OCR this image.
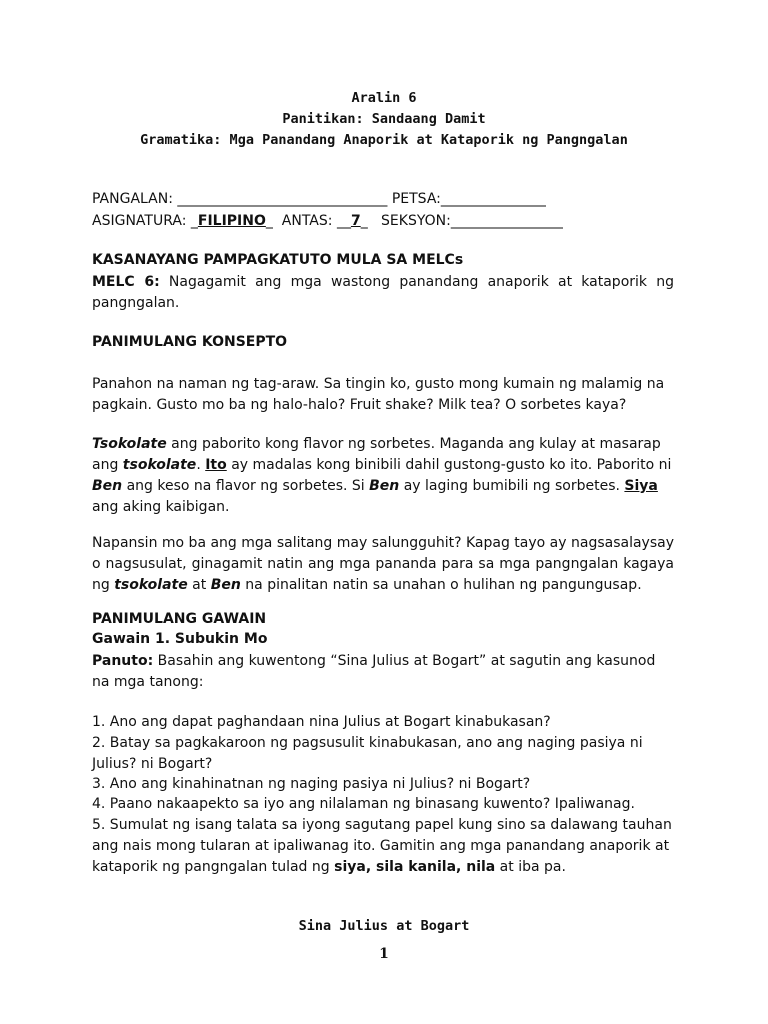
Aralin 6
Panitikan: Sandaang Damit
Gramatika: Mga Panandang Anaporik at Kataporik ng Pangngalan
PANGALAN: ______________________________ PETSA:_______________
ASIGNATURA: _FILIPINO_ ANTAS: __7_ SEKSYON:________________
KASANAYANG PAMPAGKATUTO MULA SA MELCs
MELC 6: Nagagamit ang mga wastong panandang anaporik at kataporik ng pangngalan.
PANIMULANG KONSEPTO
Panahon na naman ng tag-araw. Sa tingin ko, gusto mong kumain ng malamig na pagkain. Gusto mo ba ng halo-halo? Fruit shake? Milk tea? O sorbetes kaya?
Tsokolate ang paborito kong flavor ng sorbetes. Maganda ang kulay at masarap ang tsokolate. Ito ay madalas kong binibili dahil gustong-gusto ko ito. Paborito ni Ben ang keso na flavor ng sorbetes. Si Ben ay laging bumibili ng sorbetes. Siya ang aking kaibigan.
Napansin mo ba ang mga salitang may salungguhit? Kapag tayo ay nagsasalaysay o nagsusulat, ginagamit natin ang mga pananda para sa mga pangngalan kagaya ng tsokolate at Ben na pinalitan natin sa unahan o hulihan ng pangungusap.
PANIMULANG GAWAIN
Gawain 1. Subukin Mo
Panuto: Basahin ang kuwentong “Sina Julius at Bogart” at sagutin ang kasunod na mga tanong:
1. Ano ang dapat paghandaan nina Julius at Bogart kinabukasan?
2. Batay sa pagkakaroon ng pagsusulit kinabukasan, ano ang naging pasiya ni Julius? ni Bogart?
3. Ano ang kinahinatnan ng naging pasiya ni Julius? ni Bogart?
4. Paano nakaapekto sa iyo ang nilalaman ng binasang kuwento? Ipaliwanag.
5. Sumulat ng isang talata sa iyong sagutang papel kung sino sa dalawang tauhan ang nais mong tularan at ipaliwanag ito. Gamitin ang mga panandang anaporik at kataporik ng pangngalan tulad ng siya, sila kanila, nila at iba pa.
Sina Julius at Bogart
1
